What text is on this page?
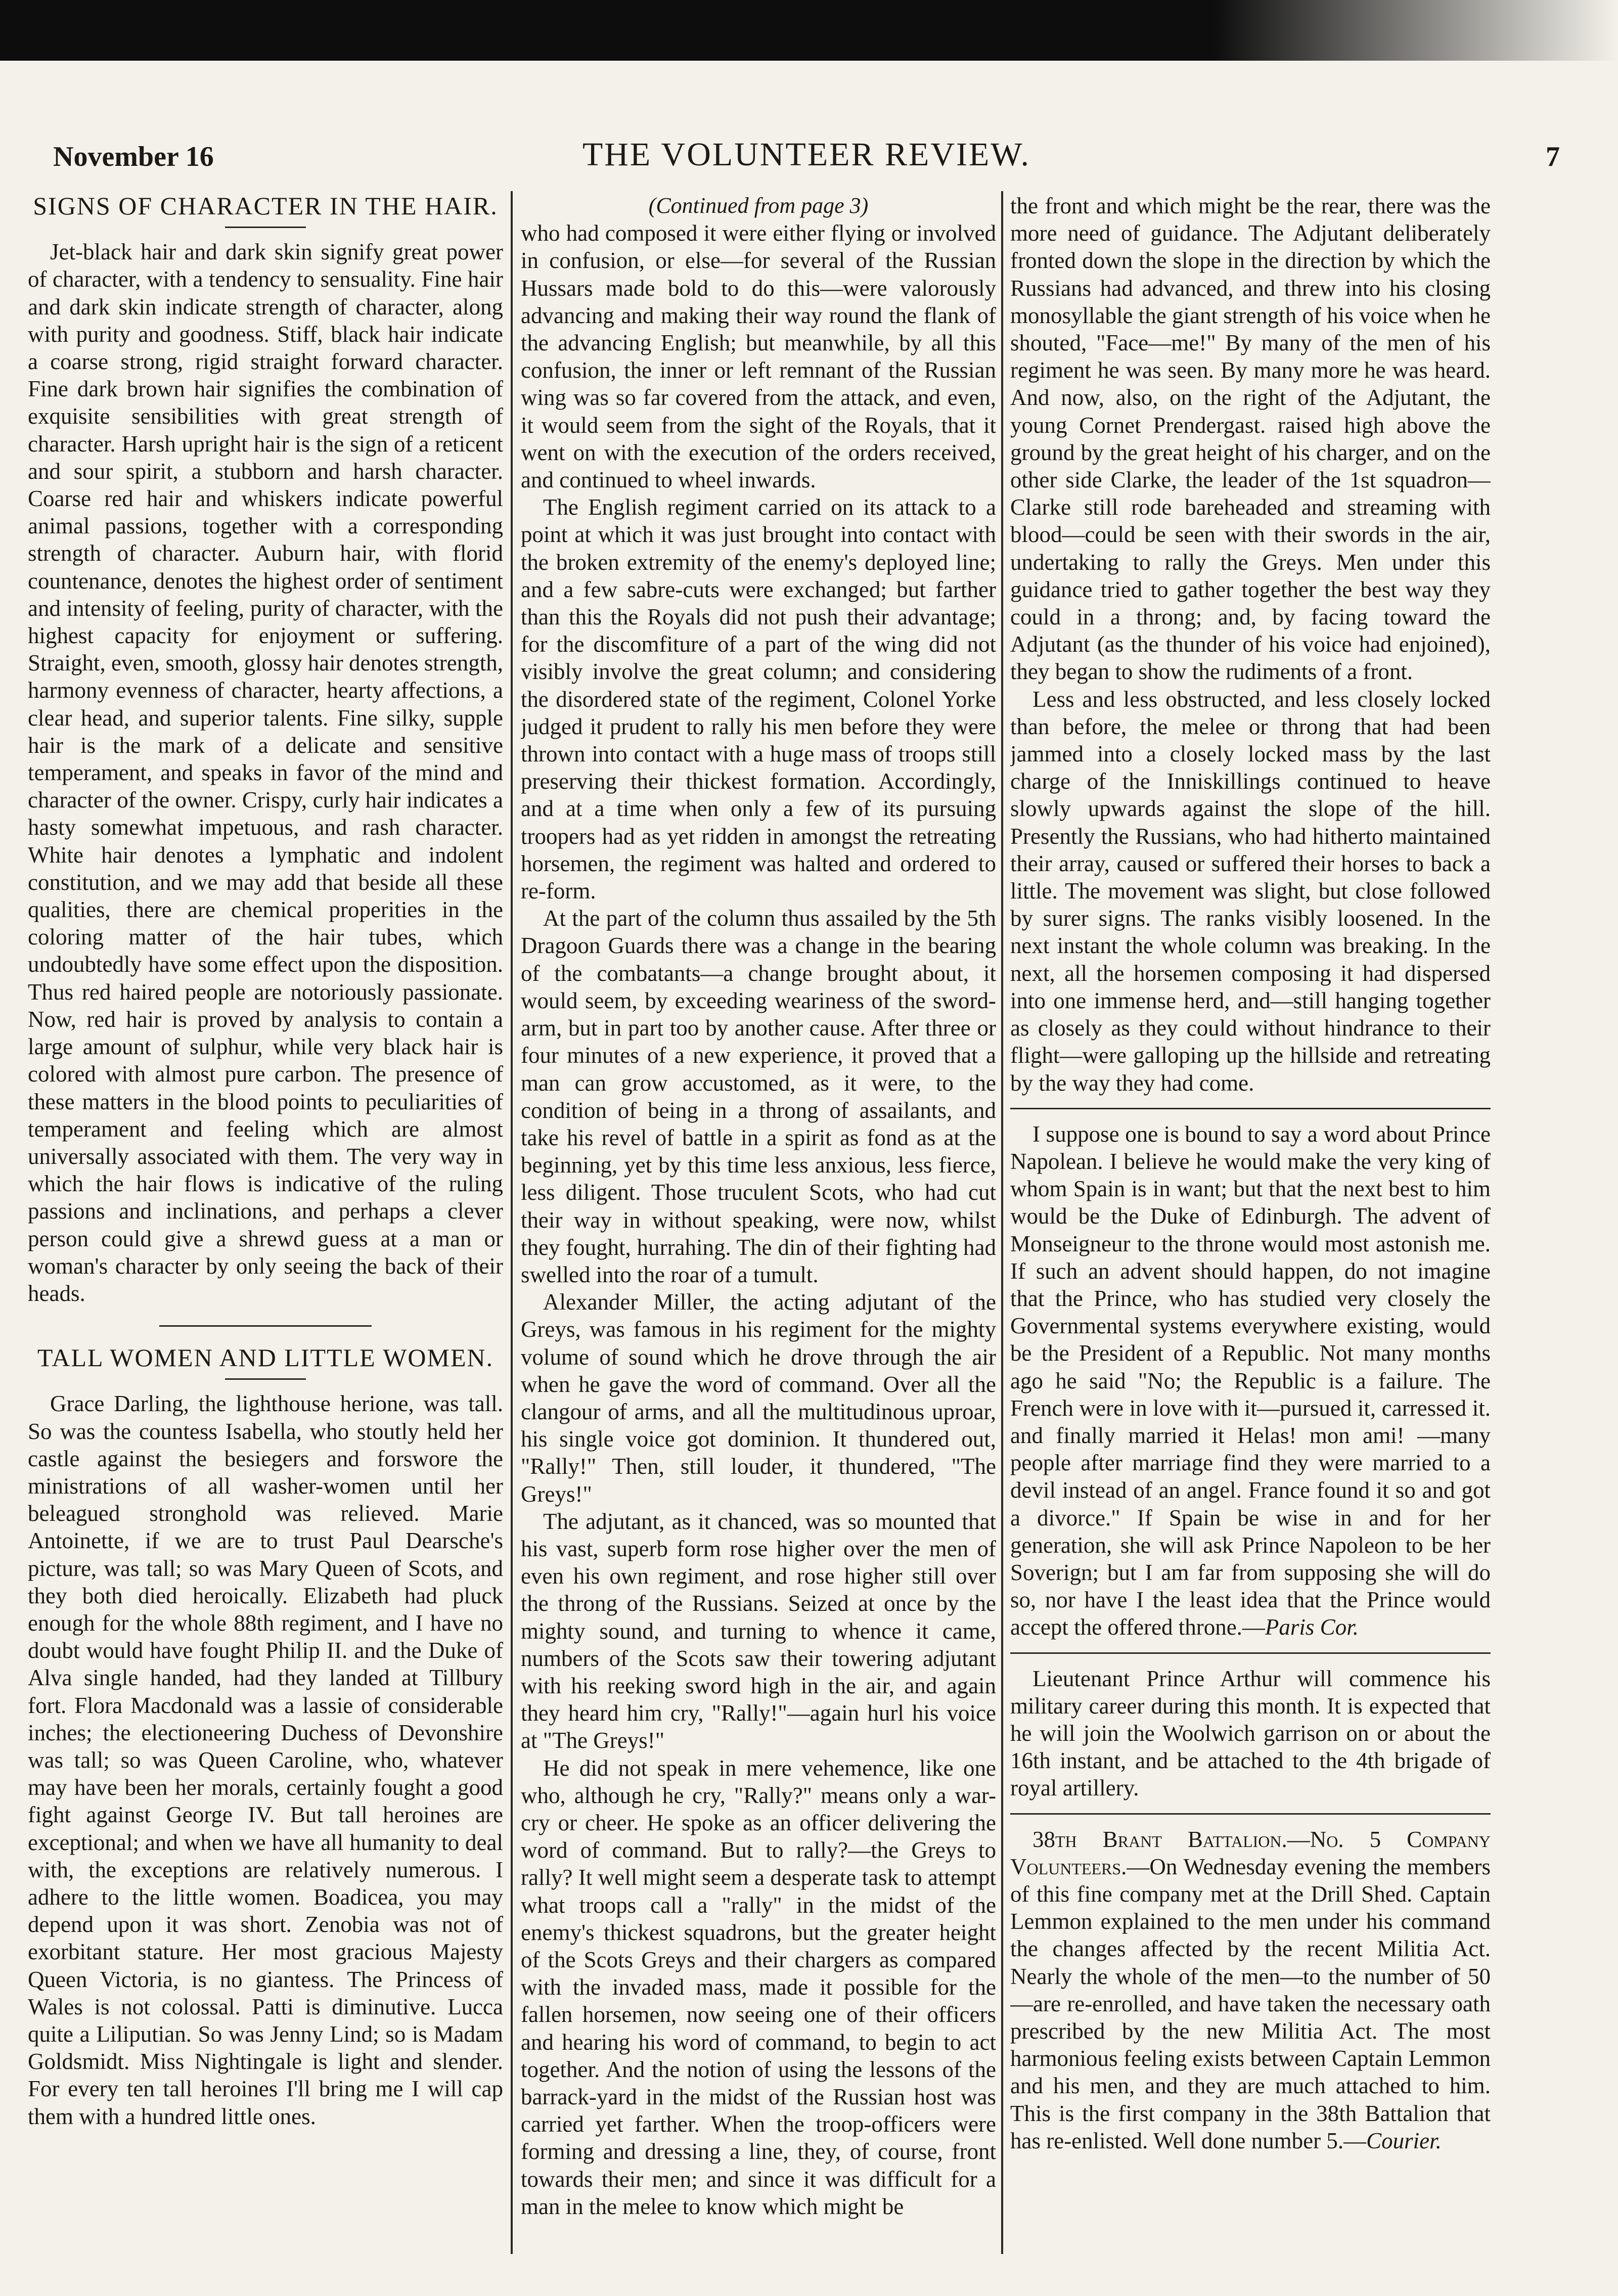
November 16	THE VOLUNTEER REVIEW.	7

SIGNS OF CHARACTER IN THE HAIR.

Jet-black hair and dark skin signify great power of character, with a tendency to sensuality. Fine hair and dark skin indicate strength of character, along with purity and goodness. Stiff, black hair indicate a coarse strong, rigid straight forward character. Fine dark brown hair signifies the combination of exquisite sensibilities with great strength of character. Harsh upright hair is the sign of a reticent and sour spirit, a stubborn and harsh character. Coarse red hair and whiskers indicate powerful animal passions, together with a corresponding strength of character. Auburn hair, with florid countenance, denotes the highest order of sentiment and intensity of feeling, purity of character, with the highest capacity for enjoyment or suffering. Straight, even, smooth, glossy hair denotes strength, harmony evenness of character, hearty affections, a clear head, and superior talents. Fine silky, supple hair is the mark of a delicate and sensitive temperament, and speaks in favor of the mind and character of the owner. Crispy, curly hair indicates a hasty somewhat impetuous, and rash character. White hair denotes a lymphatic and indolent constitution, and we may add that beside all these qualities, there are chemical properities in the coloring matter of the hair tubes, which undoubtedly have some effect upon the disposition. Thus red haired people are notoriously passionate. Now, red hair is proved by analysis to contain a large amount of sulphur, while very black hair is colored with almost pure carbon. The presence of these matters in the blood points to peculiarities of temperament and feeling which are almost universally associated with them. The very way in which the hair flows is indicative of the ruling passions and inclinations, and perhaps a clever person could give a shrewd guess at a man or woman's character by only seeing the back of their heads.

TALL WOMEN AND LITTLE WOMEN.

Grace Darling, the lighthouse herione, was tall. So was the countess Isabella, who stoutly held her castle against the besiegers and forswore the ministrations of all washer-women until her beleagued stronghold was relieved. Marie Antoinette, if we are to trust Paul Dearsche's picture, was tall; so was Mary Queen of Scots, and they both died heroically. Elizabeth had pluck enough for the whole 88th regiment, and I have no doubt would have fought Philip II. and the Duke of Alva single handed, had they landed at Tillbury fort. Flora Macdonald was a lassie of considerable inches; the electioneering Duchess of Devonshire was tall; so was Queen Caroline, who, whatever may have been her morals, certainly fought a good fight against George IV. But tall heroines are exceptional; and when we have all humanity to deal with, the exceptions are relatively numerous. I adhere to the little women. Boadicea, you may depend upon it was short. Zenobia was not of exorbitant stature. Her most gracious Majesty Queen Victoria, is no giantess. The Princess of Wales is not colossal. Patti is diminutive. Lucca quite a Liliputian. So was Jenny Lind; so is Madam Goldsmidt. Miss Nightingale is light and slender. For every ten tall heroines I'll bring me I will cap them with a hundred little ones.

(Continued from page 3)

who had composed it were either flying or involved in confusion, or else—for several of the Russian Hussars made bold to do this—were valorously advancing and making their way round the flank of the advancing English; but meanwhile, by all this confusion, the inner or left remnant of the Russian wing was so far covered from the attack, and even, it would seem from the sight of the Royals, that it went on with the execution of the orders received, and continued to wheel inwards.

The English regiment carried on its attack to a point at which it was just brought into contact with the broken extremity of the enemy's deployed line; and a few sabre-cuts were exchanged; but farther than this the Royals did not push their advantage; for the discomfiture of a part of the wing did not visibly involve the great column; and considering the disordered state of the regiment, Colonel Yorke judged it prudent to rally his men before they were thrown into contact with a huge mass of troops still preserving their thickest formation. Accordingly, and at a time when only a few of its pursuing troopers had as yet ridden in amongst the retreating horsemen, the regiment was halted and ordered to re-form.

At the part of the column thus assailed by the 5th Dragoon Guards there was a change in the bearing of the combatants—a change brought about, it would seem, by exceeding weariness of the sword-arm, but in part too by another cause. After three or four minutes of a new experience, it proved that a man can grow accustomed, as it were, to the condition of being in a throng of assailants, and take his revel of battle in a spirit as fond as at the beginning, yet by this time less anxious, less fierce, less diligent. Those truculent Scots, who had cut their way in without speaking, were now, whilst they fought, hurrahing. The din of their fighting had swelled into the roar of a tumult.

Alexander Miller, the acting adjutant of the Greys, was famous in his regiment for the mighty volume of sound which he drove through the air when he gave the word of command. Over all the clangour of arms, and all the multitudinous uproar, his single voice got dominion. It thundered out, "Rally!" Then, still louder, it thundered, "The Greys!"

The adjutant, as it chanced, was so mounted that his vast, superb form rose higher over the men of even his own regiment, and rose higher still over the throng of the Russians. Seized at once by the mighty sound, and turning to whence it came, numbers of the Scots saw their towering adjutant with his reeking sword high in the air, and again they heard him cry, "Rally!"—again hurl his voice at "The Greys!"

He did not speak in mere vehemence, like one who, although he cry, "Rally?" means only a war-cry or cheer. He spoke as an officer delivering the word of command. But to rally?—the Greys to rally? It well might seem a desperate task to attempt what troops call a "rally" in the midst of the enemy's thickest squadrons, but the greater height of the Scots Greys and their chargers as compared with the invaded mass, made it possible for the fallen horsemen, now seeing one of their officers and hearing his word of command, to begin to act together. And the notion of using the lessons of the barrack-yard in the midst of the Russian host was carried yet farther. When the troop-officers were forming and dressing a line, they, of course, front towards their men; and since it was difficult for a man in the melee to know which might be

the front and which might be the rear, there was the more need of guidance. The Adjutant deliberately fronted down the slope in the direction by which the Russians had advanced, and threw into his closing monosyllable the giant strength of his voice when he shouted, "Face—me!" By many of the men of his regiment he was seen. By many more he was heard. And now, also, on the right of the Adjutant, the young Cornet Prendergast. raised high above the ground by the great height of his charger, and on the other side Clarke, the leader of the 1st squadron—Clarke still rode bareheaded and streaming with blood—could be seen with their swords in the air, undertaking to rally the Greys. Men under this guidance tried to gather together the best way they could in a throng; and, by facing toward the Adjutant (as the thunder of his voice had enjoined), they began to show the rudiments of a front.

Less and less obstructed, and less closely locked than before, the melee or throng that had been jammed into a closely locked mass by the last charge of the Inniskillings continued to heave slowly upwards against the slope of the hill. Presently the Russians, who had hitherto maintained their array, caused or suffered their horses to back a little. The movement was slight, but close followed by surer signs. The ranks visibly loosened. In the next instant the whole column was breaking. In the next, all the horsemen composing it had dispersed into one immense herd, and—still hanging together as closely as they could without hindrance to their flight—were galloping up the hillside and retreating by the way they had come.

I suppose one is bound to say a word about Prince Napolean. I believe he would make the very king of whom Spain is in want; but that the next best to him would be the Duke of Edinburgh. The advent of Monseigneur to the throne would most astonish me. If such an advent should happen, do not imagine that the Prince, who has studied very closely the Governmental systems everywhere existing, would be the President of a Republic. Not many months ago he said "No; the Republic is a failure. The French were in love with it—pursued it, carressed it. and finally married it Helas! mon ami! —many people after marriage find they were married to a devil instead of an angel. France found it so and got a divorce." If Spain be wise in and for her generation, she will ask Prince Napoleon to be her Soverign; but I am far from supposing she will do so, nor have I the least idea that the Prince would accept the offered throne.—Paris Cor.

Lieutenant Prince Arthur will commence his military career during this month. It is expected that he will join the Woolwich garrison on or about the 16th instant, and be attached to the 4th brigade of royal artillery.

38th Brant Battalion.—No. 5 Company Volunteers.—On Wednesday evening the members of this fine company met at the Drill Shed. Captain Lemmon explained to the men under his command the changes affected by the recent Militia Act. Nearly the whole of the men—to the number of 50—are re-enrolled, and have taken the necessary oath prescribed by the new Militia Act. The most harmonious feeling exists between Captain Lemmon and his men, and they are much attached to him. This is the first company in the 38th Battalion that has re-enlisted. Well done number 5.—Courier.
